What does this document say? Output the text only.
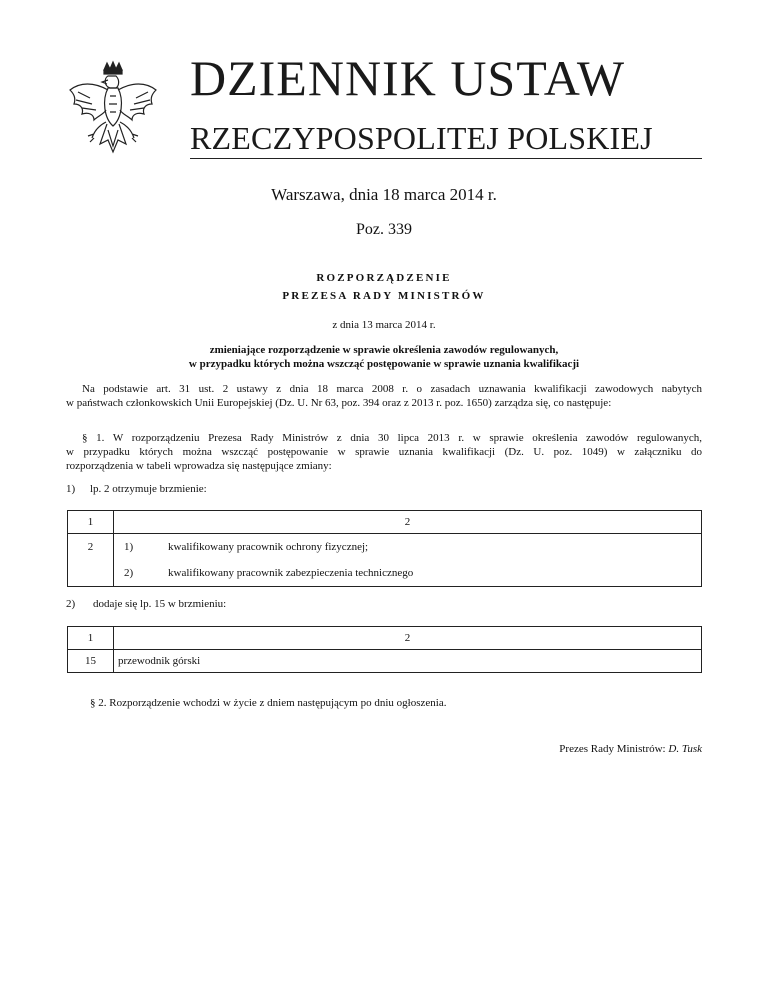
DZIENNIK USTAW
RZECZYPOSPOLITEJ POLSKIEJ
Warszawa, dnia 18 marca 2014 r.
Poz. 339
ROZPORZĄDZENIE
PREZESA RADY MINISTRÓW
z dnia 13 marca 2014 r.
zmieniające rozporządzenie w sprawie określenia zawodów regulowanych,
w przypadku których można wszcząć postępowanie w sprawie uznania kwalifikacji
Na podstawie art. 31 ust. 2 ustawy z dnia 18 marca 2008 r. o zasadach uznawania kwalifikacji zawodowych nabytych
w państwach członkowskich Unii Europejskiej (Dz. U. Nr 63, poz. 394 oraz z 2013 r. poz. 1650) zarządza się, co następuje:
§ 1. W rozporządzeniu Prezesa Rady Ministrów z dnia 30 lipca 2013 r. w sprawie określenia zawodów regulowanych,
w przypadku których można wszcząć postępowanie w sprawie uznania kwalifikacji (Dz. U. poz. 1049) w załączniku do
rozporządzenia w tabeli wprowadza się następujące zmiany:
1) lp. 2 otrzymuje brzmienie:
1	2
2	1) kwalifikowany pracownik ochrony fizycznej;

	2) kwalifikowany pracownik zabezpieczenia technicznego
2) dodaje się lp. 15 w brzmieniu:
1	2
15	przewodnik górski
§ 2. Rozporządzenie wchodzi w życie z dniem następującym po dniu ogłoszenia.
Prezes Rady Ministrów: D. Tusk
